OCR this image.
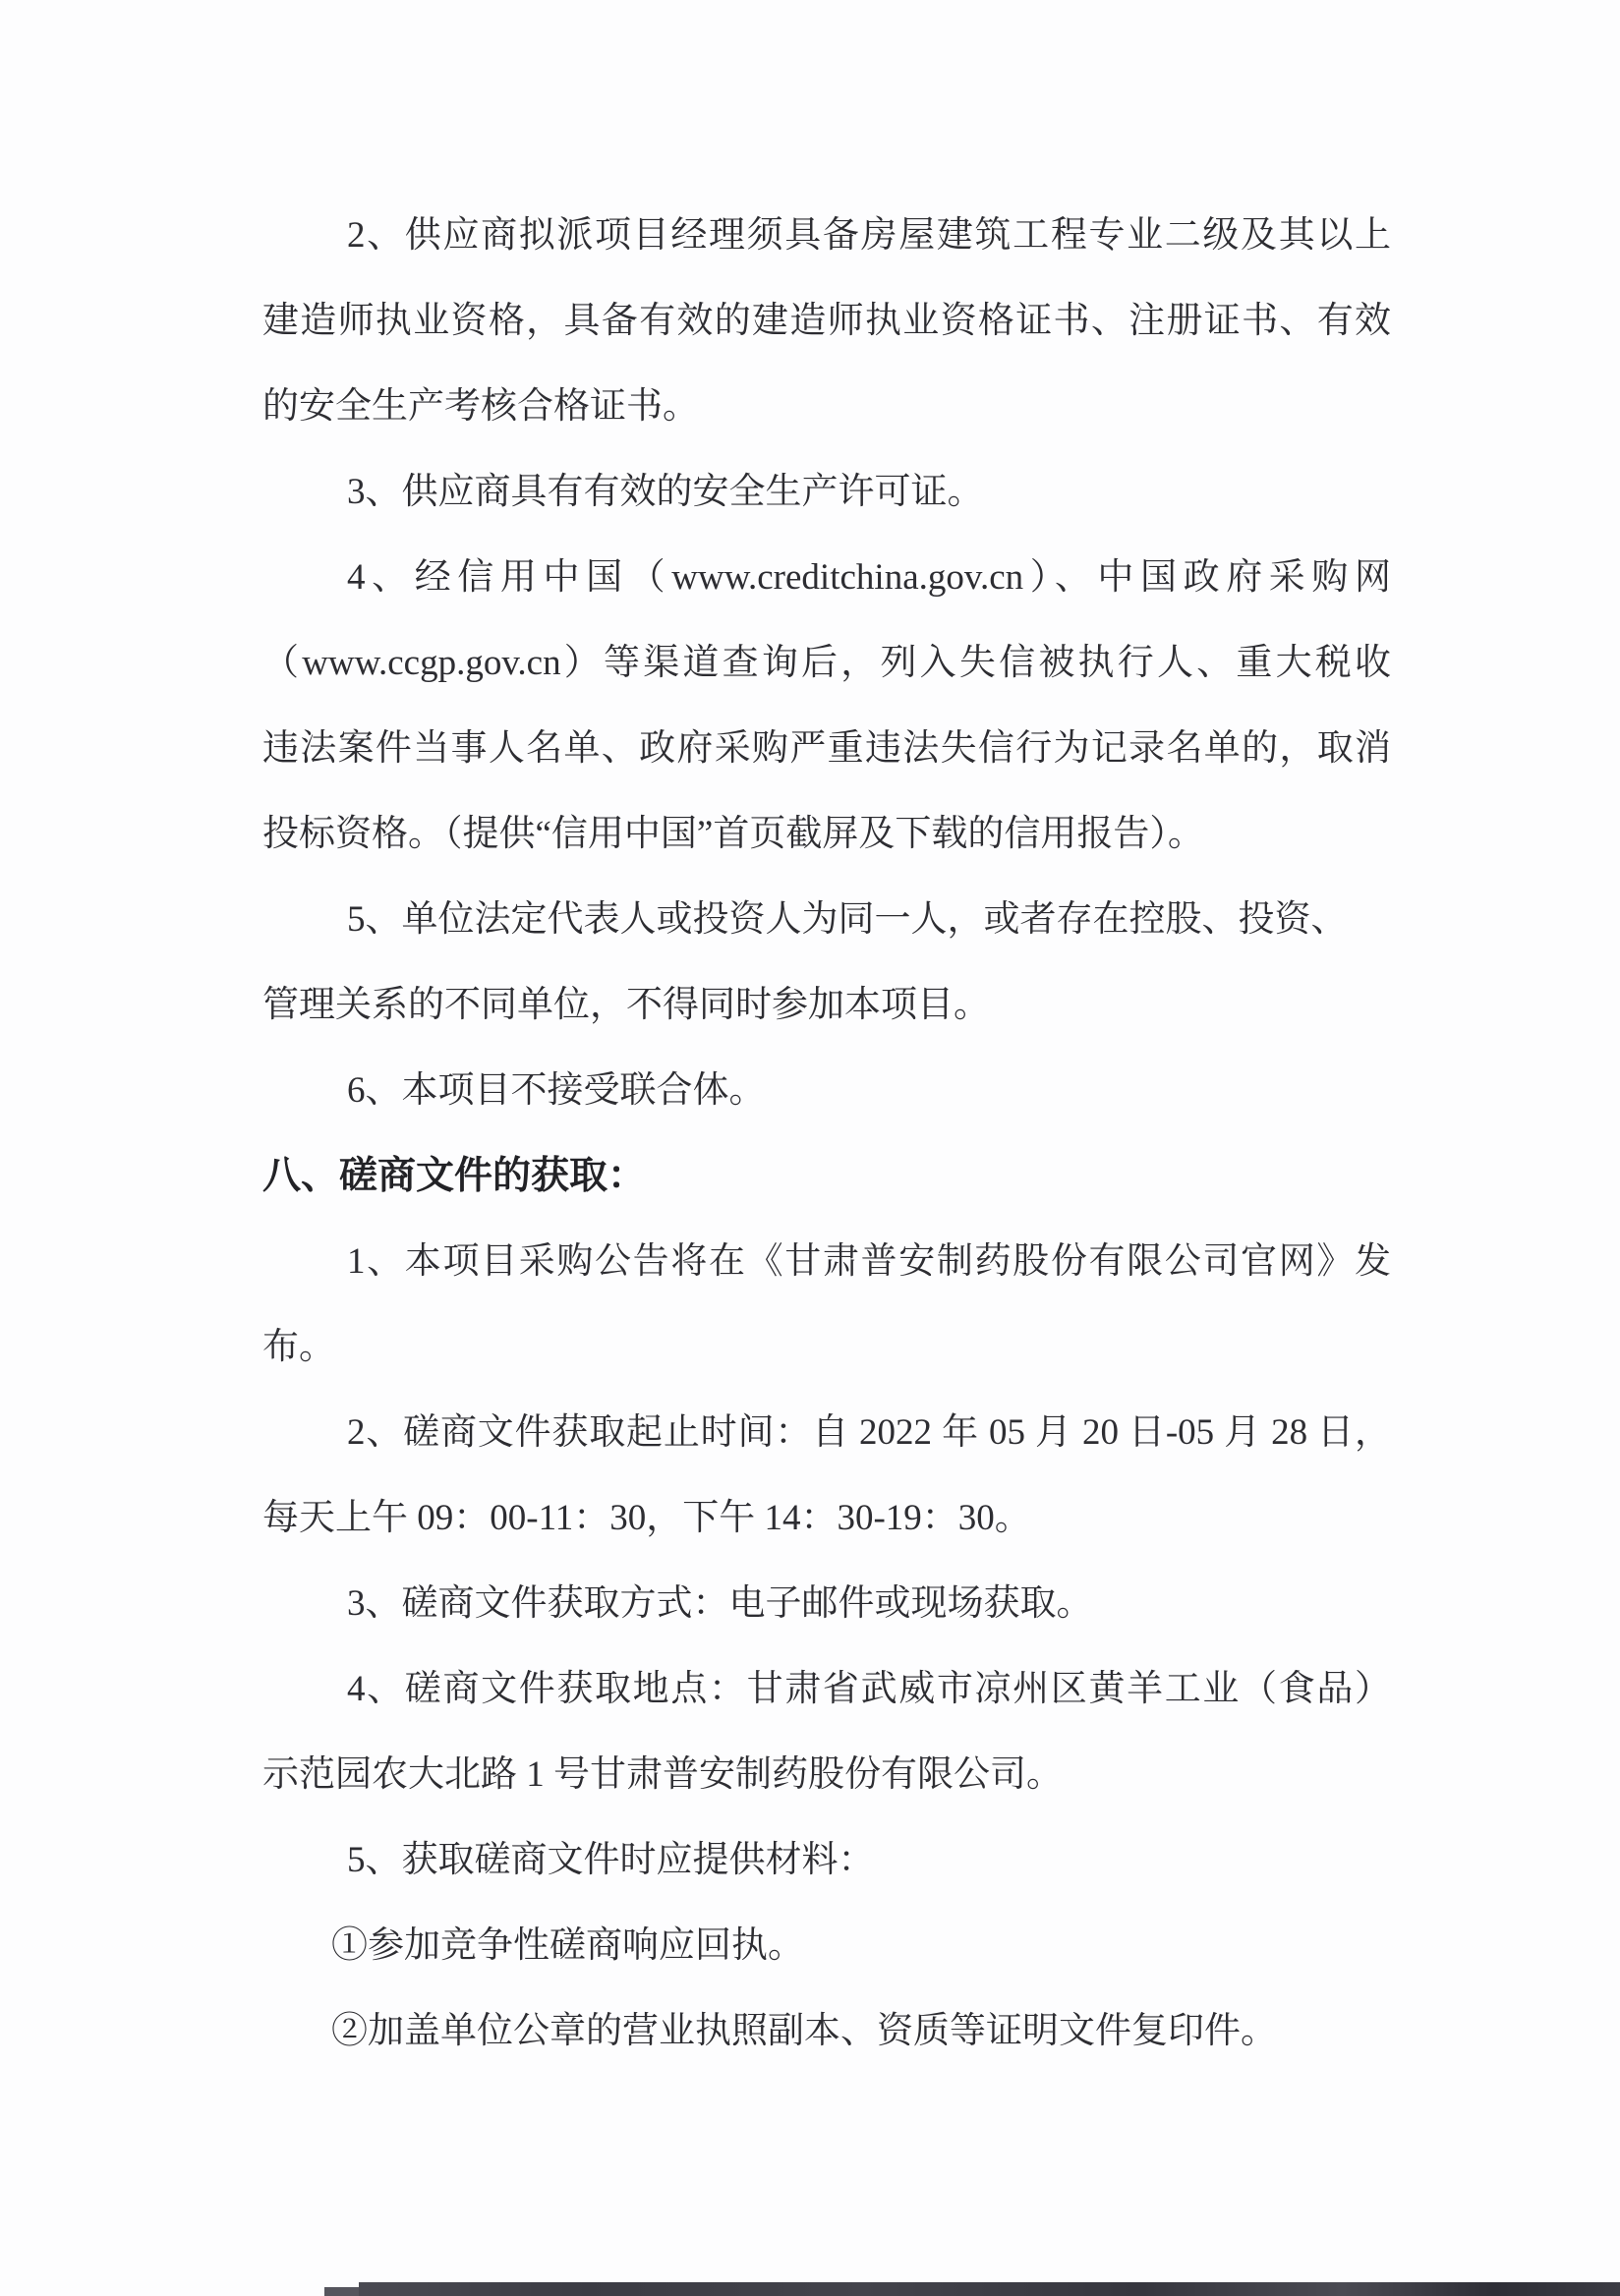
2、供应商拟派项目经理须具备房屋建筑工程专业二级及其以上
建造师执业资格，具备有效的建造师执业资格证书、注册证书、有效
的安全生产考核合格证书。
3、供应商具有有效的安全生产许可证。
4、经信用中国（www.creditchina.gov.cn）、中国政府采购网
（www.ccgp.gov.cn）等渠道查询后，列入失信被执行人、重大税收
违法案件当事人名单、政府采购严重违法失信行为记录名单的，取消
投标资格。（提供“信用中国”首页截屏及下载的信用报告）。
5、单位法定代表人或投资人为同一人，或者存在控股、投资、
管理关系的不同单位，不得同时参加本项目。
6、本项目不接受联合体。
八、磋商文件的获取：
1、本项目采购公告将在《甘肃普安制药股份有限公司官网》发
布。
2、磋商文件获取起止时间：自 2022 年 05 月 20 日-05 月 28 日，
每天上午 09：00-11：30，下午 14：30-19：30。
3、磋商文件获取方式：电子邮件或现场获取。
4、磋商文件获取地点：甘肃省武威市凉州区黄羊工业（食品）
示范园农大北路 1 号甘肃普安制药股份有限公司。
5、获取磋商文件时应提供材料：
①参加竞争性磋商响应回执。
②加盖单位公章的营业执照副本、资质等证明文件复印件。
